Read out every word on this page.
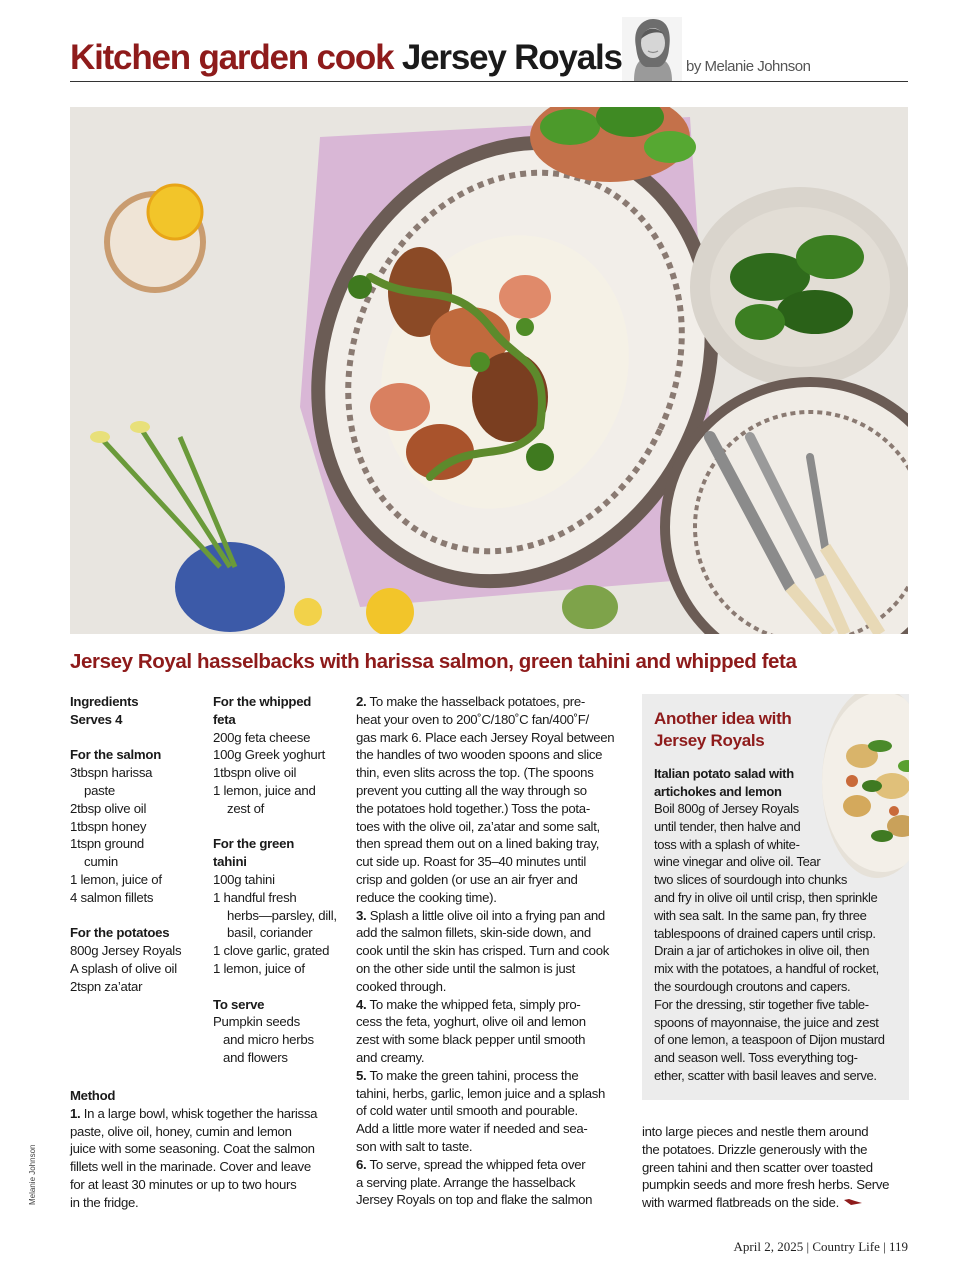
Kitchen garden cook Jersey Royals	by Melanie Johnson
Jersey Royal hasselbacks with harissa salmon, green tahini and whipped feta

Ingredients

Serves 4

For the salmon

3tbspn harissa

paste

2tbsp olive oil

1tbspn honey

1tspn ground

cumin

1 lemon, juice of

4 salmon fillets

For the potatoes

800g Jersey Royals

A splash of olive oil

2tspn za’atar

For the whipped

feta

200g feta cheese

100g Greek yoghurt

1tbspn olive oil

1 lemon, juice and

zest of

For the green

tahini

100g tahini

1 handful fresh

herbs—parsley, dill,

basil, coriander

1 clove garlic, grated

1 lemon, juice of

To serve

Pumpkin seeds

and micro herbs

and flowers

Method

1. In a large bowl, whisk together the harissa

paste, olive oil, honey, cumin and lemon

juice with some seasoning. Coat the salmon

fillets well in the marinade. Cover and leave

for at least 30 minutes or up to two hours

in the fridge.

2. To make the hasselback potatoes, pre-

heat your oven to 200˚C/180˚C fan/400˚F/

gas mark 6. Place each Jersey Royal between

the handles of two wooden spoons and slice

thin, even slits across the top. (The spoons

prevent you cutting all the way through so

the potatoes hold together.) Toss the pota-

toes with the olive oil, za’atar and some salt,

then spread them out on a lined baking tray,

cut side up. Roast for 35–40 minutes until

crisp and golden (or use an air fryer and

reduce the cooking time).

3. Splash a little olive oil into a frying pan and

add the salmon fillets, skin-side down, and

cook until the skin has crisped. Turn and cook

on the other side until the salmon is just

cooked through.

4. To make the whipped feta, simply pro-

cess the feta, yoghurt, olive oil and lemon

zest with some black pepper until smooth

and creamy.

5. To make the green tahini, process the

tahini, herbs, garlic, lemon juice and a splash

of cold water until smooth and pourable.

Add a little more water if needed and sea-

son with salt to taste.

6. To serve, spread the whipped feta over

a serving plate. Arrange the hasselback

Jersey Royals on top and flake the salmon

into large pieces and nestle them around

the potatoes. Drizzle generously with the

green tahini and then scatter over toasted

pumpkin seeds and more fresh herbs. Serve

with warmed flatbreads on the side.

Another idea with
Jersey Royals
Italian potato salad with
artichokes and lemon
Boil 800g of Jersey Royals
until tender, then halve and
toss with a splash of white-
wine vinegar and olive oil. Tear
two slices of sourdough into chunks
and fry in olive oil until crisp, then sprinkle
with sea salt. In the same pan, fry three
tablespoons of drained capers until crisp.
Drain a jar of artichokes in olive oil, then
mix with the potatoes, a handful of rocket,
the sourdough croutons and capers.
For the dressing, stir together five table-
spoons of mayonnaise, the juice and zest
of one lemon, a teaspoon of Dijon mustard
and season well. Toss everything tog-
ether, scatter with basil leaves and serve.
Melanie Johnson
April 2, 2025 | Country Life | 119
